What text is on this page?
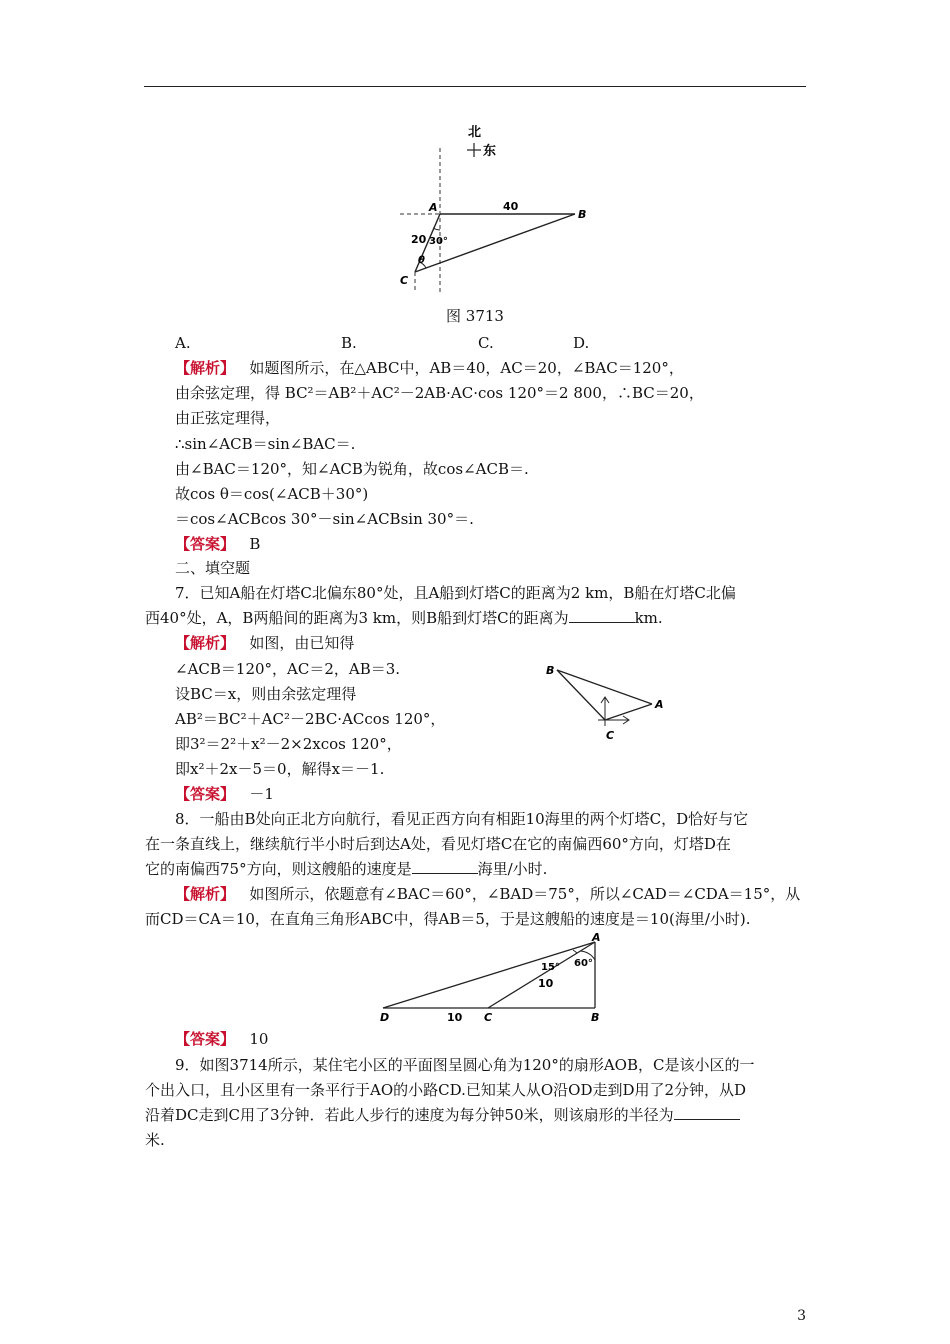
北
东
A
B
C
40
20 30°
θ
图 3713
A.	B.	C.	D.
【解析】 如题图所示，在△ABC中，AB＝40，AC＝20，∠BAC＝120°，
由余弦定理，得 BC²＝AB²＋AC²－2AB·AC·cos 120°＝2 800，∴BC＝20，
由正弦定理得，
∴sin∠ACB＝sin∠BAC＝.
由∠BAC＝120°，知∠ACB为锐角，故cos∠ACB＝.
故cos θ＝cos(∠ACB＋30°)
＝cos∠ACBcos 30°－sin∠ACBsin 30°＝.
【答案】 B
二、填空题
7．已知A船在灯塔C北偏东80°处，且A船到灯塔C的距离为2 km，B船在灯塔C北偏
西40°处，A，B两船间的距离为3 km，则B船到灯塔C的距离为	km.
【解析】 如图，由已知得
∠ACB＝120°，AC＝2，AB＝3.
设BC＝x，则由余弦定理得
AB²＝BC²＋AC²－2BC·ACcos 120°，
即3²＝2²＋x²－2×2xcos 120°，
即x²＋2x－5＝0，解得x＝－1.
【答案】 －1
B
A
C
8．一船由B处向正北方向航行，看见正西方向有相距10海里的两个灯塔C，D恰好与它
在一条直线上，继续航行半小时后到达A处，看见灯塔C在它的南偏西60°方向，灯塔D在
它的南偏西75°方向，则这艘船的速度是	海里/小时.
【解析】 如图所示，依题意有∠BAC＝60°，∠BAD＝75°，所以∠CAD＝∠CDA＝15°，从
而CD＝CA＝10，在直角三角形ABC中，得AB＝5，于是这艘船的速度是＝10(海里/小时).
A
B
C
D	10
10
15° 60°
【答案】 10
9．如图3714所示，某住宅小区的平面图呈圆心角为120°的扇形AOB，C是该小区的一
个出入口，且小区里有一条平行于AO的小路CD.已知某人从O沿OD走到D用了2分钟，从D
沿着DC走到C用了3分钟．若此人步行的速度为每分钟50米，则该扇形的半径为
米.
3
